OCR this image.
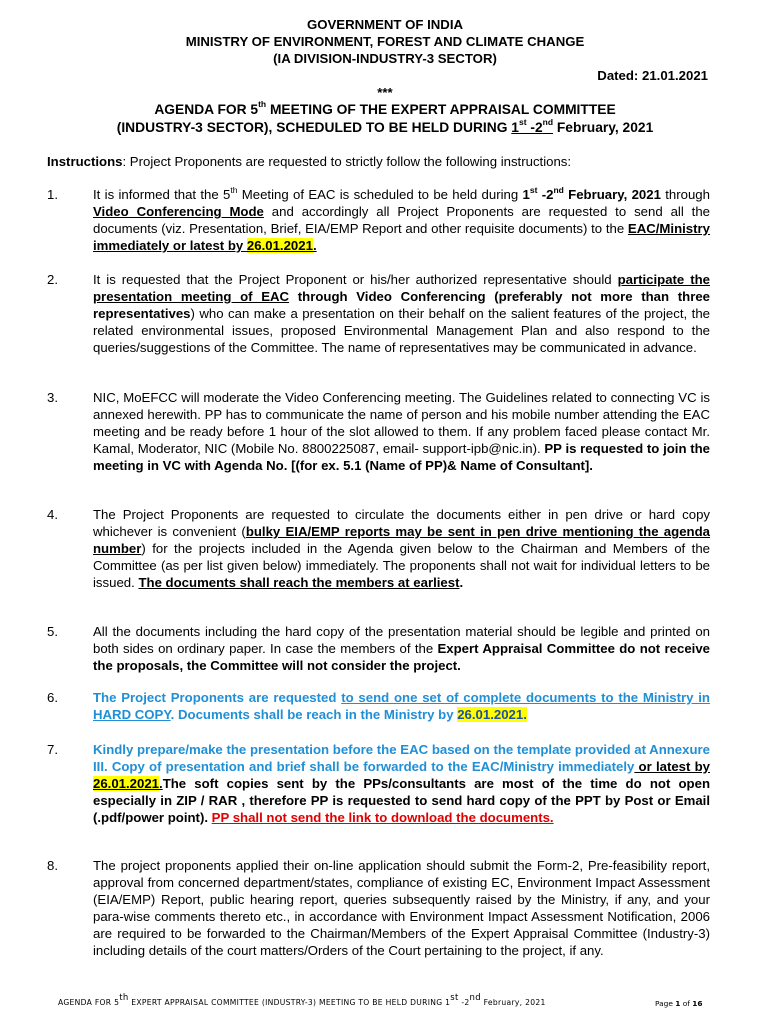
GOVERNMENT OF INDIA
MINISTRY OF ENVIRONMENT, FOREST AND CLIMATE CHANGE
(IA DIVISION-INDUSTRY-3 SECTOR)
Dated: 21.01.2021
***
AGENDA FOR 5th MEETING OF THE EXPERT APPRAISAL COMMITTEE
(INDUSTRY-3 SECTOR), SCHEDULED TO BE HELD DURING 1st -2nd February, 2021
Instructions: Project Proponents are requested to strictly follow the following instructions:
1.	It is informed that the 5th Meeting of EAC is scheduled to be held during 1st -2nd February, 2021 through Video Conferencing Mode and accordingly all Project Proponents are requested to send all the documents (viz. Presentation, Brief, EIA/EMP Report and other requisite documents) to the EAC/Ministry immediately or latest by 26.01.2021.
2.	It is requested that the Project Proponent or his/her authorized representative should participate the presentation meeting of EAC through Video Conferencing (preferably not more than three representatives) who can make a presentation on their behalf on the salient features of the project, the related environmental issues, proposed Environmental Management Plan and also respond to the queries/suggestions of the Committee. The name of representatives may be communicated in advance.
3.	NIC, MoEFCC will moderate the Video Conferencing meeting. The Guidelines related to connecting VC is annexed herewith. PP has to communicate the name of person and his mobile number attending the EAC meeting and be ready before 1 hour of the slot allowed to them. If any problem faced please contact Mr. Kamal, Moderator, NIC (Mobile No. 8800225087, email- support-ipb@nic.in). PP is requested to join the meeting in VC with Agenda No. [(for ex. 5.1 (Name of PP)& Name of Consultant].
4.	The Project Proponents are requested to circulate the documents either in pen drive or hard copy whichever is convenient (bulky EIA/EMP reports may be sent in pen drive mentioning the agenda number) for the projects included in the Agenda given below to the Chairman and Members of the Committee (as per list given below) immediately. The proponents shall not wait for individual letters to be issued. The documents shall reach the members at earliest.
5.	All the documents including the hard copy of the presentation material should be legible and printed on both sides on ordinary paper. In case the members of the Expert Appraisal Committee do not receive the proposals, the Committee will not consider the project.
6.	The Project Proponents are requested to send one set of complete documents to the Ministry in HARD COPY. Documents shall be reach in the Ministry by 26.01.2021.
7.	Kindly prepare/make the presentation before the EAC based on the template provided at Annexure III. Copy of presentation and brief shall be forwarded to the EAC/Ministry immediately or latest by 26.01.2021.The soft copies sent by the PPs/consultants are most of the time do not open especially in ZIP / RAR , therefore PP is requested to send hard copy of the PPT by Post or Email (.pdf/power point). PP shall not send the link to download the documents.
8.	The project proponents applied their on-line application should submit the Form-2, Pre-feasibility report, approval from concerned department/states, compliance of existing EC, Environment Impact Assessment (EIA/EMP) Report, public hearing report, queries subsequently raised by the Ministry, if any, and your para-wise comments thereto etc., in accordance with Environment Impact Assessment Notification, 2006 are required to be forwarded to the Chairman/Members of the Expert Appraisal Committee (Industry-3) including details of the court matters/Orders of the Court pertaining to the project, if any.
AGENDA FOR 5th EXPERT APPRAISAL COMMITTEE (INDUSTRY-3) MEETING TO BE HELD DURING 1st -2nd February, 2021	Page 1 of 16
